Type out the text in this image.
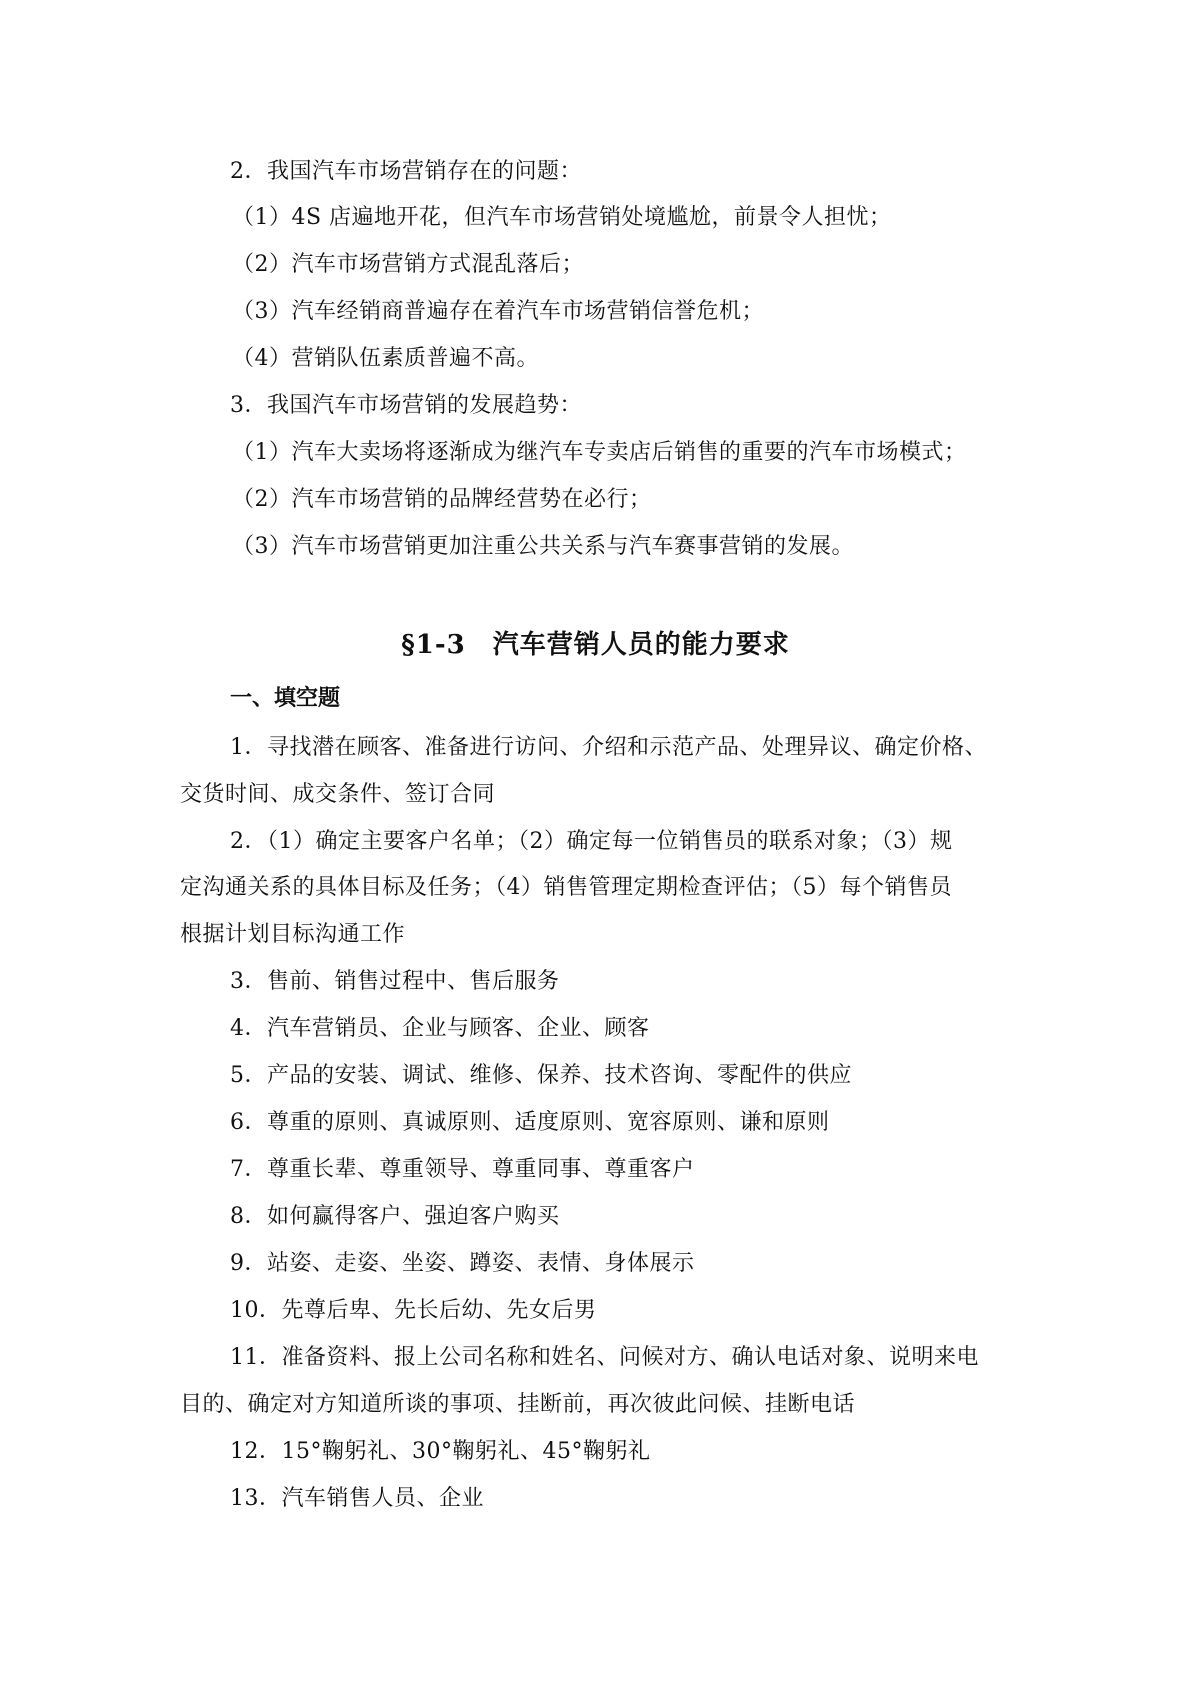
2．我国汽车市场营销存在的问题：
（1）4S 店遍地开花，但汽车市场营销处境尴尬，前景令人担忧；
（2）汽车市场营销方式混乱落后；
（3）汽车经销商普遍存在着汽车市场营销信誉危机；
（4）营销队伍素质普遍不高。
3．我国汽车市场营销的发展趋势：
（1）汽车大卖场将逐渐成为继汽车专卖店后销售的重要的汽车市场模式；
（2）汽车市场营销的品牌经营势在必行；
（3）汽车市场营销更加注重公共关系与汽车赛事营销的发展。
§1-3　汽车营销人员的能力要求
一、填空题
1．寻找潜在顾客、准备进行访问、介绍和示范产品、处理异议、确定价格、
交货时间、成交条件、签订合同
2．（1）确定主要客户名单；（2）确定每一位销售员的联系对象；（3）规
定沟通关系的具体目标及任务；（4）销售管理定期检查评估；（5）每个销售员
根据计划目标沟通工作
3．售前、销售过程中、售后服务
4．汽车营销员、企业与顾客、企业、顾客
5．产品的安装、调试、维修、保养、技术咨询、零配件的供应
6．尊重的原则、真诚原则、适度原则、宽容原则、谦和原则
7．尊重长辈、尊重领导、尊重同事、尊重客户
8．如何赢得客户、强迫客户购买
9．站姿、走姿、坐姿、蹲姿、表情、身体展示
10．先尊后卑、先长后幼、先女后男
11．准备资料、报上公司名称和姓名、问候对方、确认电话对象、说明来电
目的、确定对方知道所谈的事项、挂断前，再次彼此问候、挂断电话
12．15°鞠躬礼、30°鞠躬礼、45°鞠躬礼
13．汽车销售人员、企业
